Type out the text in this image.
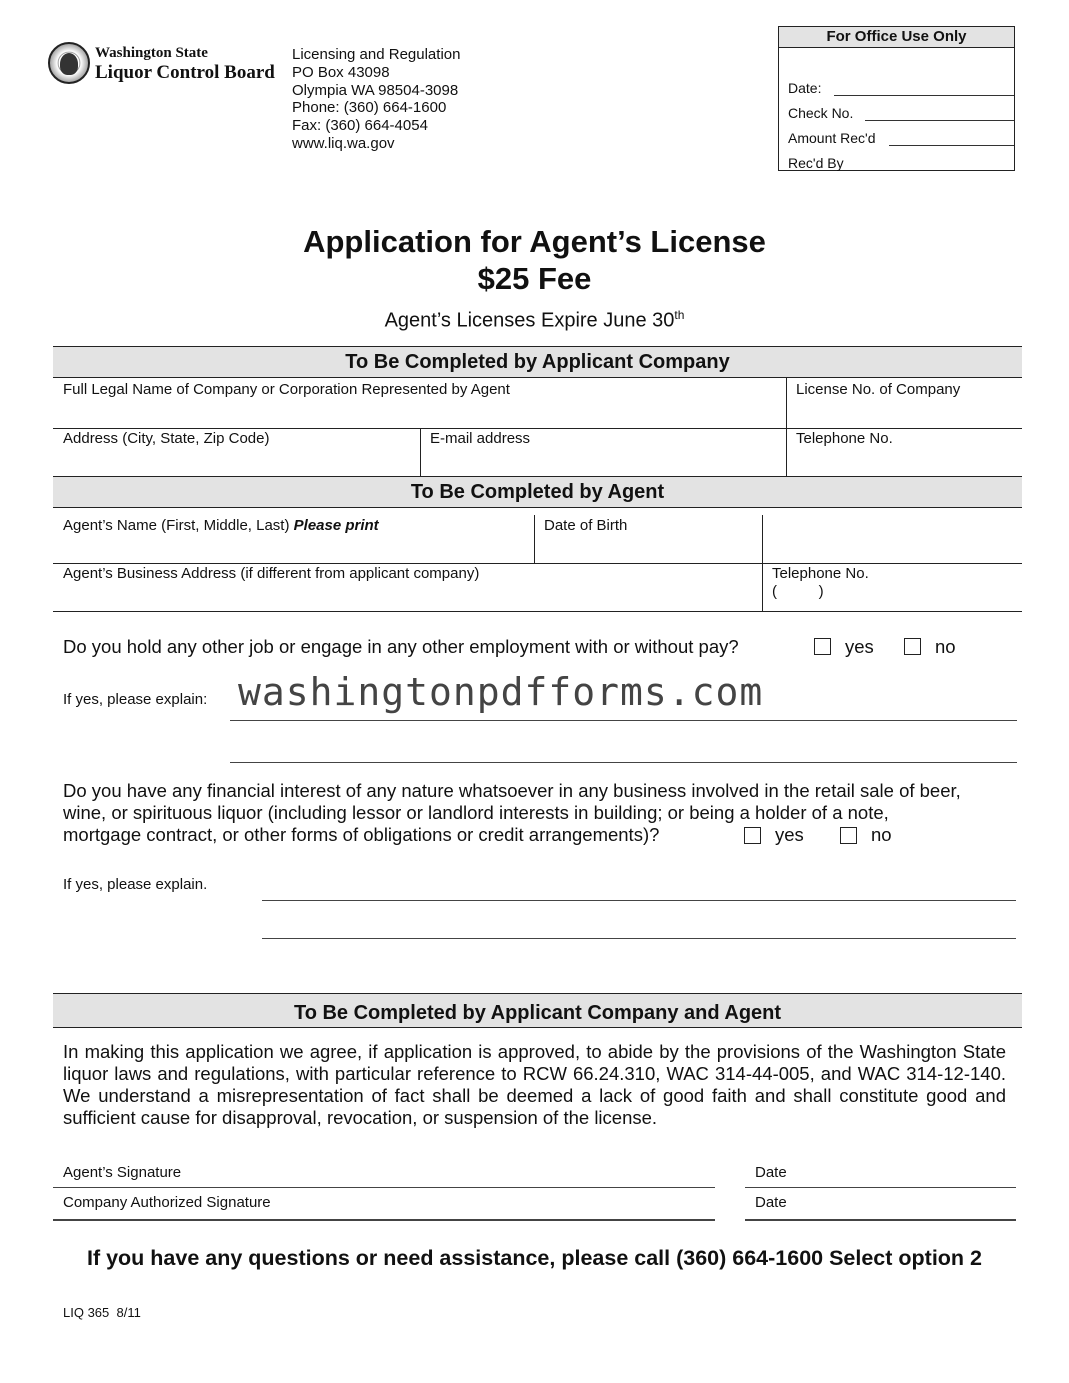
Washington State
Liquor Control Board
Licensing and Regulation
PO Box 43098
Olympia WA 98504-3098
Phone: (360) 664-1600
Fax: (360) 664-4054
www.liq.wa.gov
For Office Use Only
Date:
Check No.
Amount Rec'd
Rec'd By
Application for Agent’s License
$25 Fee
Agent’s Licenses Expire June 30th
To Be Completed by Applicant Company
Full Legal Name of Company or Corporation Represented by Agent	License No. of Company
Address (City, State, Zip Code)	E-mail address	Telephone No.
To Be Completed by Agent
Agent’s Name (First, Middle, Last) Please print	Date of Birth
Agent’s Business Address (if different from applicant company)	Telephone No.
(          )
Do you hold any other job or engage in any other employment with or without pay?	yes	no
If yes, please explain: washingtonpdfforms.com
Do you have any financial interest of any nature whatsoever in any business involved in the retail sale of beer,
wine, or spirituous liquor (including lessor or landlord interests in building; or being a holder of a note,
mortgage contract, or other forms of obligations or credit arrangements)?	yes	no
If yes, please explain.
To Be Completed by Applicant Company and Agent
In making this application we agree, if application is approved, to abide by the provisions of the Washington State liquor laws and regulations, with particular reference to RCW 66.24.310, WAC 314-44-005, and WAC 314-12-140. We understand a misrepresentation of fact shall be deemed a lack of good faith and shall constitute good and sufficient cause for disapproval, revocation, or suspension of the license.
Agent’s Signature	Date
Company Authorized Signature	Date
If you have any questions or need assistance, please call (360) 664-1600 Select option 2
LIQ 365  8/11
